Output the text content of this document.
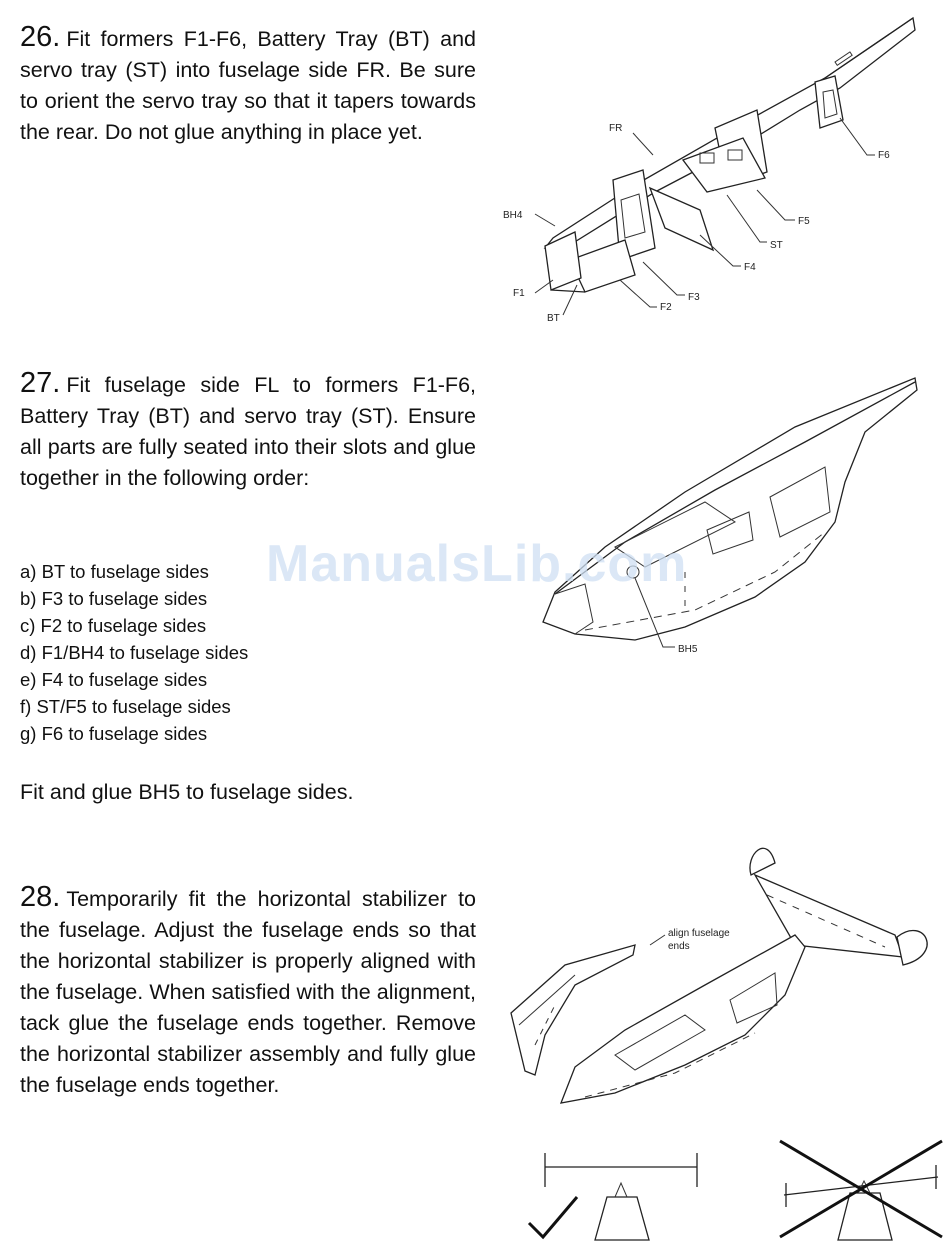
26. Fit formers F1-F6, Battery Tray (BT) and servo tray (ST) into fuselage side FR. Be sure to orient the servo tray so that it tapers towards the rear. Do not glue anything in place yet.

27. Fit fuselage side FL to formers F1-F6, Battery Tray (BT) and servo tray (ST). Ensure all parts are fully seated into their slots and glue together in the following order:

a) BT to fuselage sides
b) F3 to fuselage sides
c) F2 to fuselage sides
d) F1/BH4 to fuselage sides
e) F4 to fuselage sides
f) ST/F5 to fuselage sides
g) F6 to fuselage sides

Fit and glue BH5 to fuselage sides.

28. Temporarily fit the horizontal stabilizer to the fuselage. Adjust the fuselage ends so that the horizontal stabilizer is properly aligned with the fuselage. When satisfied with the alignment, tack glue the fuselage ends together. Remove the horizontal stabilizer assembly and fully glue the fuselage ends together.

FR
F6
BH4
F5
ST
F4
F1	F3
F2
BT
BH5
ManualsLib.com
align fuselage
ends
